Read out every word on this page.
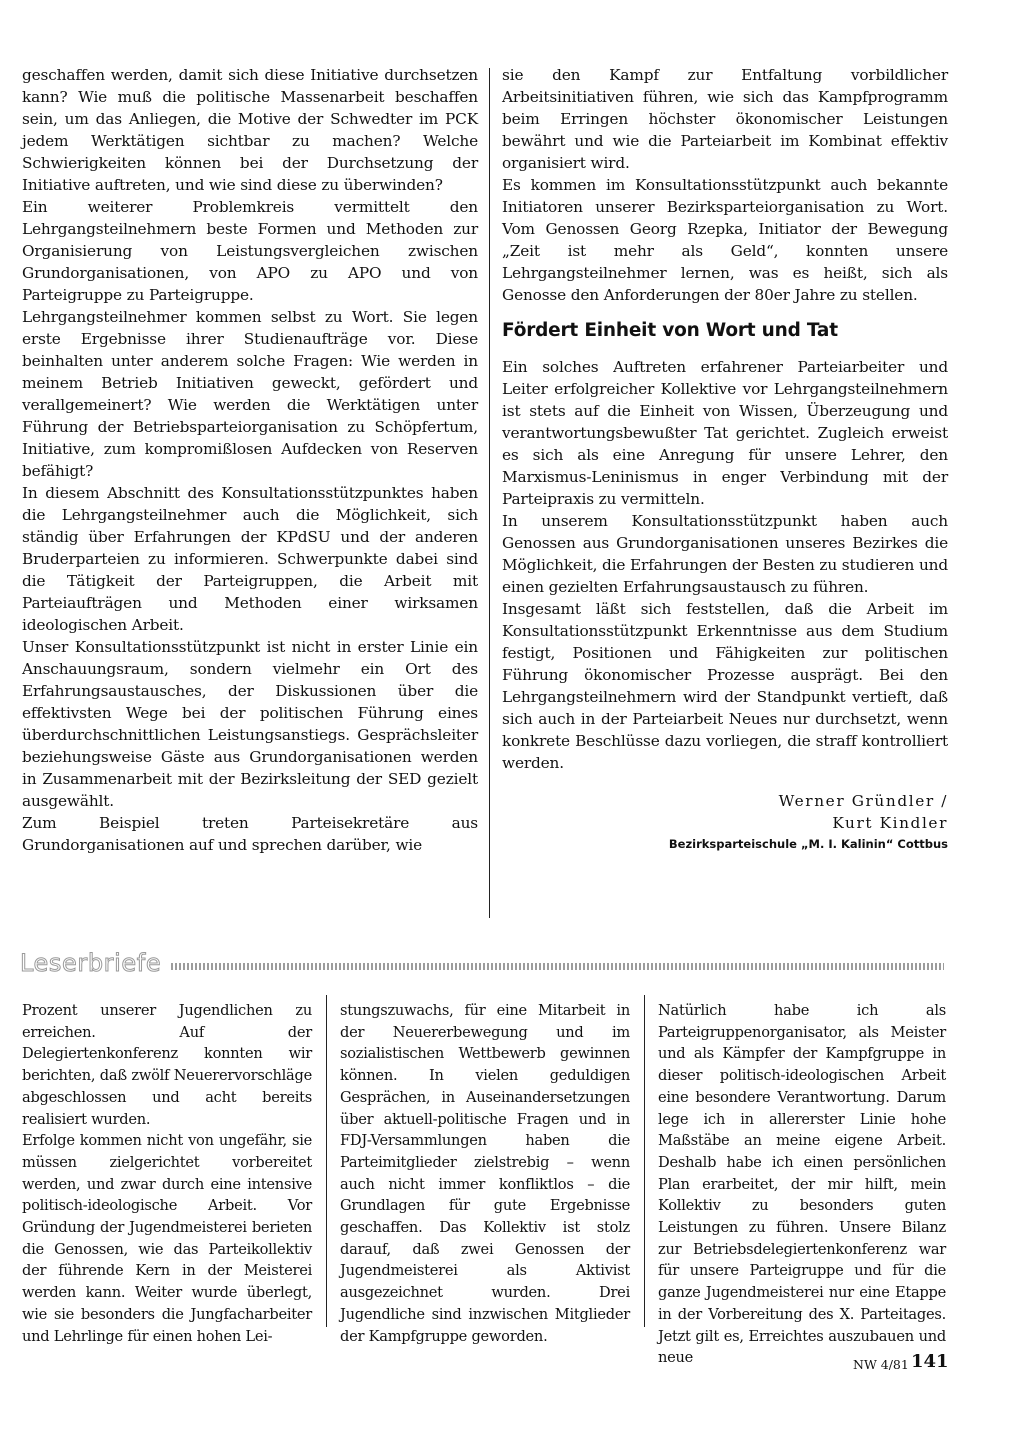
geschaffen werden, damit sich diese Initiative durchsetzen kann? Wie muß die politische Massenarbeit beschaffen sein, um das Anliegen, die Motive der Schwedter im PCK jedem Werktätigen sichtbar zu machen? Welche Schwierigkeiten können bei der Durchsetzung der Initiative auftreten, und wie sind diese zu überwinden?

Ein weiterer Problemkreis vermittelt den Lehrgangsteilnehmern beste Formen und Methoden zur Organisierung von Leistungsvergleichen zwischen Grundorganisationen, von APO zu APO und von Parteigruppe zu Parteigruppe.

Lehrgangsteilnehmer kommen selbst zu Wort. Sie legen erste Ergebnisse ihrer Studienaufträge vor. Diese beinhalten unter anderem solche Fragen: Wie werden in meinem Betrieb Initiativen geweckt, gefördert und verallgemeinert? Wie werden die Werktätigen unter Führung der Betriebsparteiorganisation zu Schöpfertum, Initiative, zum kompromißlosen Aufdecken von Reserven befähigt?

In diesem Abschnitt des Konsultationsstützpunktes haben die Lehrgangsteilnehmer auch die Möglichkeit, sich ständig über Erfahrungen der KPdSU und der anderen Bruderparteien zu informieren. Schwerpunkte dabei sind die Tätigkeit der Parteigruppen, die Arbeit mit Parteiaufträgen und Methoden einer wirksamen ideologischen Arbeit.

Unser Konsultationsstützpunkt ist nicht in erster Linie ein Anschauungsraum, sondern vielmehr ein Ort des Erfahrungsaustausches, der Diskussionen über die effektivsten Wege bei der politischen Führung eines überdurchschnittlichen Leistungsanstiegs. Gesprächsleiter beziehungsweise Gäste aus Grundorganisationen werden in Zusammenarbeit mit der Bezirksleitung der SED gezielt ausgewählt.

Zum Beispiel treten Parteisekretäre aus Grundorganisationen auf und sprechen darüber, wie

sie den Kampf zur Entfaltung vorbildlicher Arbeitsinitiativen führen, wie sich das Kampfprogramm beim Erringen höchster ökonomischer Leistungen bewährt und wie die Parteiarbeit im Kombinat effektiv organisiert wird.

Es kommen im Konsultationsstützpunkt auch bekannte Initiatoren unserer Bezirksparteiorganisation zu Wort. Vom Genossen Georg Rzepka, Initiator der Bewegung „Zeit ist mehr als Geld“, konnten unsere Lehrgangsteilnehmer lernen, was es heißt, sich als Genosse den Anforderungen der 80er Jahre zu stellen.

Fördert Einheit von Wort und Tat

Ein solches Auftreten erfahrener Parteiarbeiter und Leiter erfolgreicher Kollektive vor Lehrgangsteilnehmern ist stets auf die Einheit von Wissen, Überzeugung und verantwortungsbewußter Tat gerichtet. Zugleich erweist es sich als eine Anregung für unsere Lehrer, den Marxismus-Leninismus in enger Verbindung mit der Parteipraxis zu vermitteln.

In unserem Konsultationsstützpunkt haben auch Genossen aus Grundorganisationen unseres Bezirkes die Möglichkeit, die Erfahrungen der Besten zu studieren und einen gezielten Erfahrungsaustausch zu führen.

Insgesamt läßt sich feststellen, daß die Arbeit im Konsultationsstützpunkt Erkenntnisse aus dem Studium festigt, Positionen und Fähigkeiten zur politischen Führung ökonomischer Prozesse ausprägt. Bei den Lehrgangsteilnehmern wird der Standpunkt vertieft, daß sich auch in der Parteiarbeit Neues nur durchsetzt, wenn konkrete Beschlüsse dazu vorliegen, die straff kontrolliert werden.

Werner Gründler /

Kurt Kindler

Bezirksparteischule „M. I. Kalinin“ Cottbus

Leserbriefe

Prozent unserer Jugendlichen zu erreichen. Auf der Delegiertenkonferenz konnten wir berichten, daß zwölf Neuerervorschläge abgeschlossen und acht bereits realisiert wurden.

Erfolge kommen nicht von ungefähr, sie müssen zielgerichtet vorbereitet werden, und zwar durch eine intensive politisch-ideologische Arbeit. Vor Gründung der Jugendmeisterei berieten die Genossen, wie das Parteikollektiv der führende Kern in der Meisterei werden kann. Weiter wurde überlegt, wie sie besonders die Jungfacharbeiter und Lehrlinge für einen hohen Lei-

stungszuwachs, für eine Mitarbeit in der Neuererbewegung und im sozialistischen Wettbewerb gewinnen können. In vielen geduldigen Gesprächen, in Auseinandersetzungen über aktuell-politische Fragen und in FDJ-Versammlungen haben die Parteimitglieder zielstrebig – wenn auch nicht immer konfliktlos – die Grundlagen für gute Ergebnisse geschaffen. Das Kollektiv ist stolz darauf, daß zwei Genossen der Jugendmeisterei als Aktivist ausgezeichnet wurden. Drei Jugendliche sind inzwischen Mitglieder der Kampfgruppe geworden.

Natürlich habe ich als Parteigruppenorganisator, als Meister und als Kämpfer der Kampfgruppe in dieser politisch-ideologischen Arbeit eine besondere Verantwortung. Darum lege ich in allererster Linie hohe Maßstäbe an meine eigene Arbeit. Deshalb habe ich einen persönlichen Plan erarbeitet, der mir hilft, mein Kollektiv zu besonders guten Leistungen zu führen. Unsere Bilanz zur Betriebsdelegiertenkonferenz war für unsere Parteigruppe und für die ganze Jugendmeisterei nur eine Etappe in der Vorbereitung des X. Parteitages. Jetzt gilt es, Erreichtes auszubauen und neue	NW 4/81 141
